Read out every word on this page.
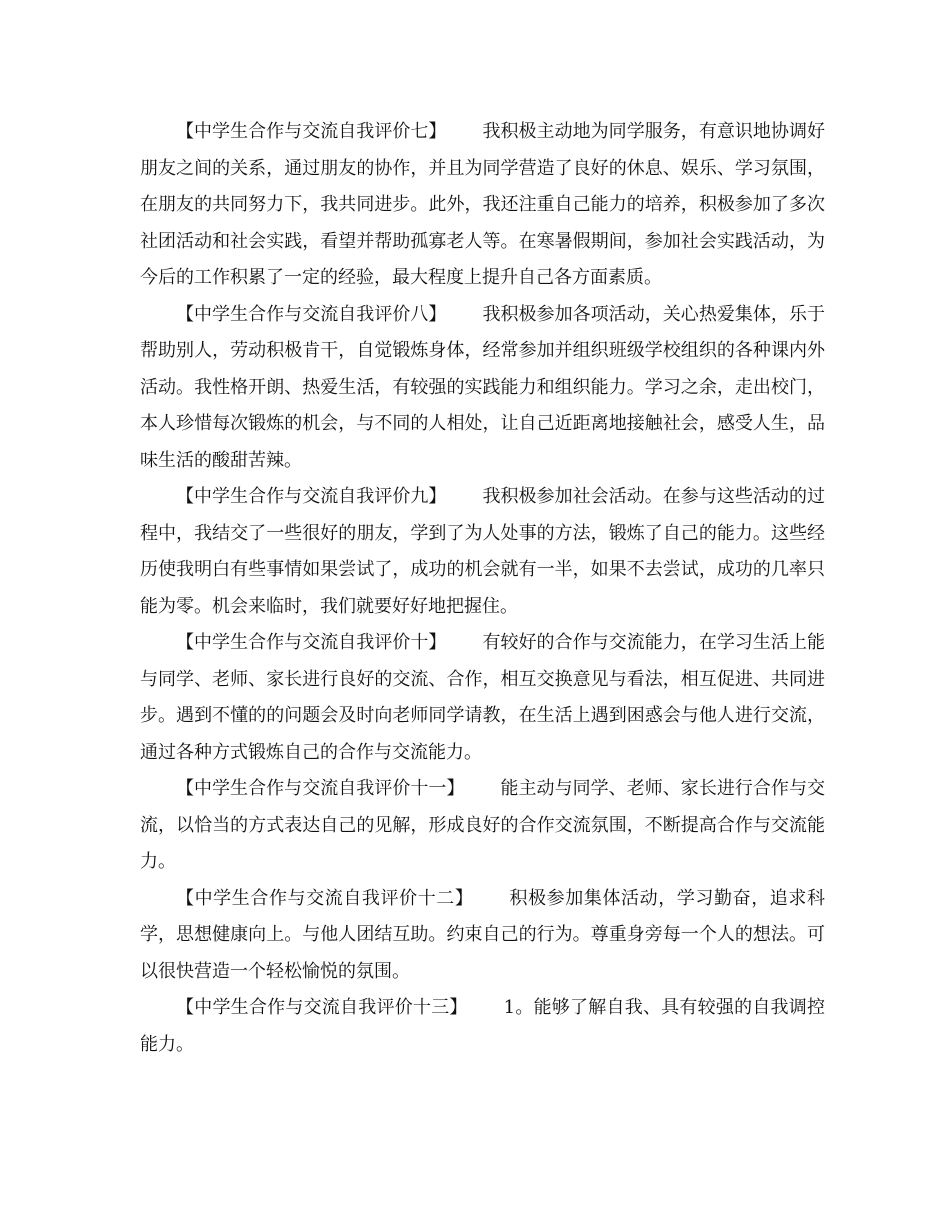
【中学生合作与交流自我评价七】 我积极主动地为同学服务，有意识地协调好朋友之间的关系，通过朋友的协作，并且为同学营造了良好的休息、娱乐、学习氛围，在朋友的共同努力下，我共同进步。此外，我还注重自己能力的培养，积极参加了多次社团活动和社会实践，看望并帮助孤寡老人等。在寒暑假期间，参加社会实践活动，为今后的工作积累了一定的经验，最大程度上提升自己各方面素质。

【中学生合作与交流自我评价八】 我积极参加各项活动，关心热爱集体，乐于帮助别人，劳动积极肯干，自觉锻炼身体，经常参加并组织班级学校组织的各种课内外活动。我性格开朗、热爱生活，有较强的实践能力和组织能力。学习之余，走出校门，本人珍惜每次锻炼的机会，与不同的人相处，让自己近距离地接触社会，感受人生，品味生活的酸甜苦辣。

【中学生合作与交流自我评价九】 我积极参加社会活动。在参与这些活动的过程中，我结交了一些很好的朋友，学到了为人处事的方法，锻炼了自己的能力。这些经历使我明白有些事情如果尝试了，成功的机会就有一半，如果不去尝试，成功的几率只能为零。机会来临时，我们就要好好地把握住。

【中学生合作与交流自我评价十】 有较好的合作与交流能力，在学习生活上能与同学、老师、家长进行良好的交流、合作，相互交换意见与看法，相互促进、共同进步。遇到不懂的的问题会及时向老师同学请教，在生活上遇到困惑会与他人进行交流，通过各种方式锻炼自己的合作与交流能力。

【中学生合作与交流自我评价十一】 能主动与同学、老师、家长进行合作与交流，以恰当的方式表达自己的见解，形成良好的合作交流氛围，不断提高合作与交流能力。

【中学生合作与交流自我评价十二】 积极参加集体活动，学习勤奋，追求科学，思想健康向上。与他人团结互助。约束自己的行为。尊重身旁每一个人的想法。可以很快营造一个轻松愉悦的氛围。

【中学生合作与交流自我评价十三】 1。能够了解自我、具有较强的自我调控能力。
